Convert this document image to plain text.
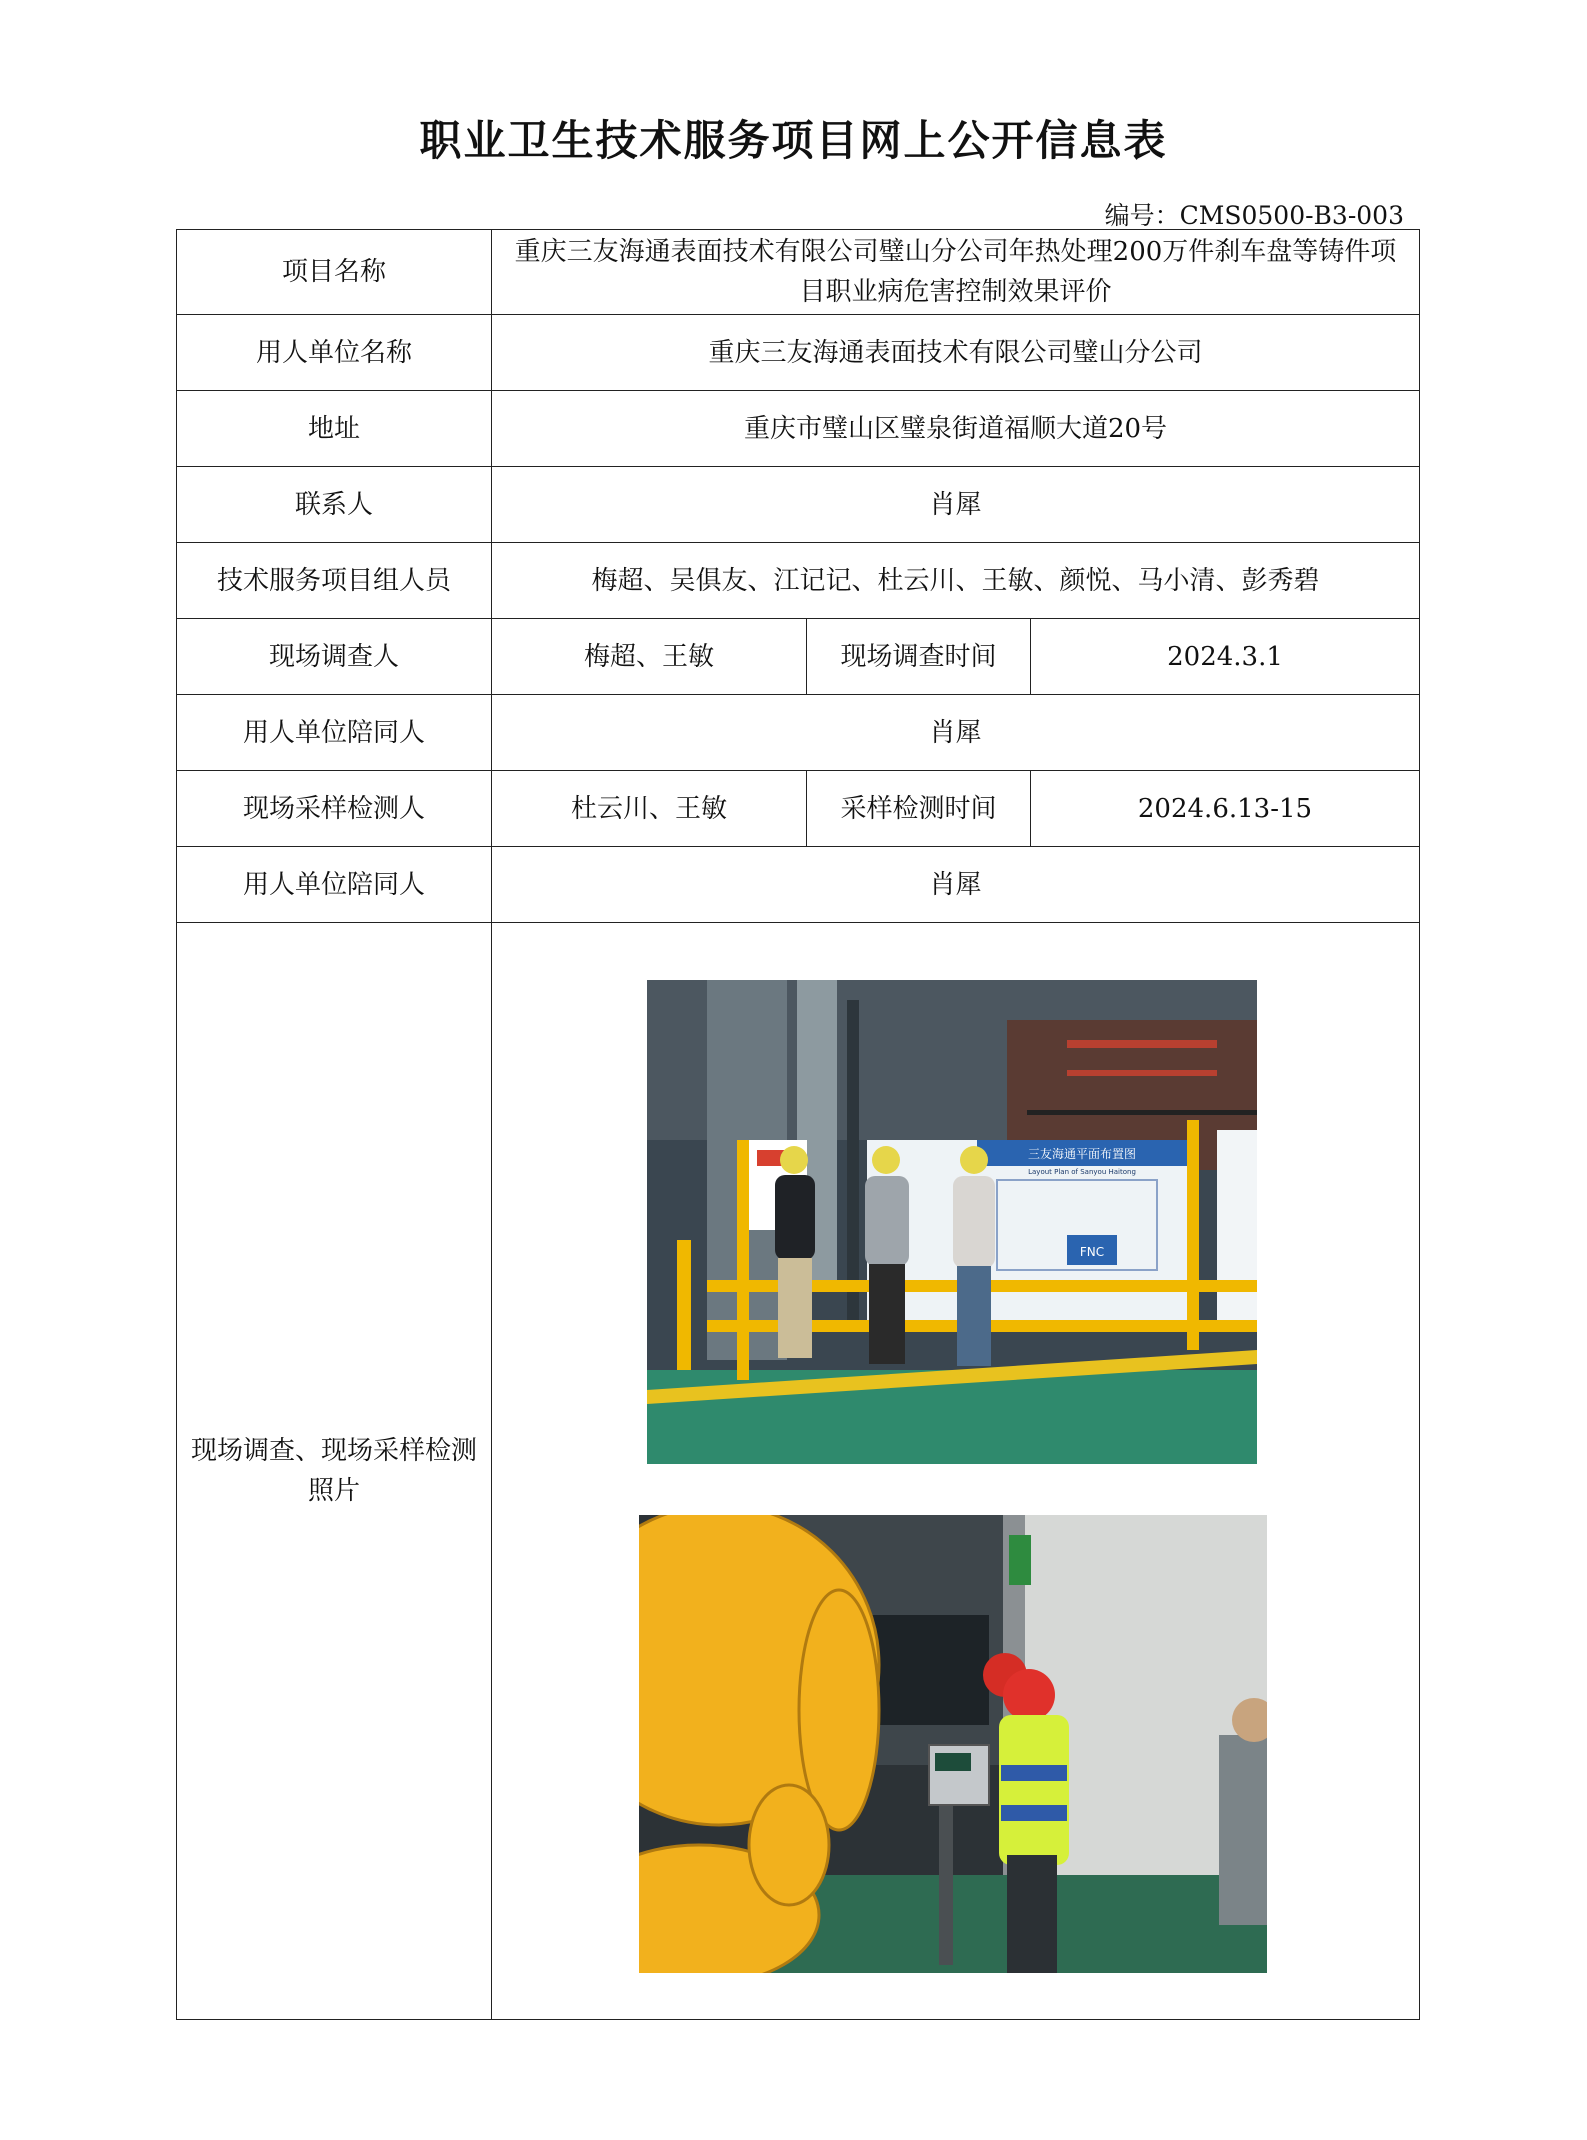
职业卫生技术服务项目网上公开信息表
编号：CMS0500-B3-003
项目名称	重庆三友海通表面技术有限公司璧山分公司年热处理200万件刹车盘等铸件项目职业病危害控制效果评价		
用人单位名称	重庆三友海通表面技术有限公司璧山分公司		
地址	重庆市璧山区璧泉街道福顺大道20号		
联系人	肖犀		
技术服务项目组人员	梅超、吴俱友、江记记、杜云川、王敏、颜悦、马小清、彭秀碧		
现场调查人	梅超、王敏	现场调查时间	2024.3.1
用人单位陪同人	肖犀		
现场采样检测人	杜云川、王敏	采样检测时间	2024.6.13-15
用人单位陪同人	肖犀		
现场调查、现场采样检测照片	三友海通平面布置图
Layout Plan of Sanyou Haitong
FNC		
